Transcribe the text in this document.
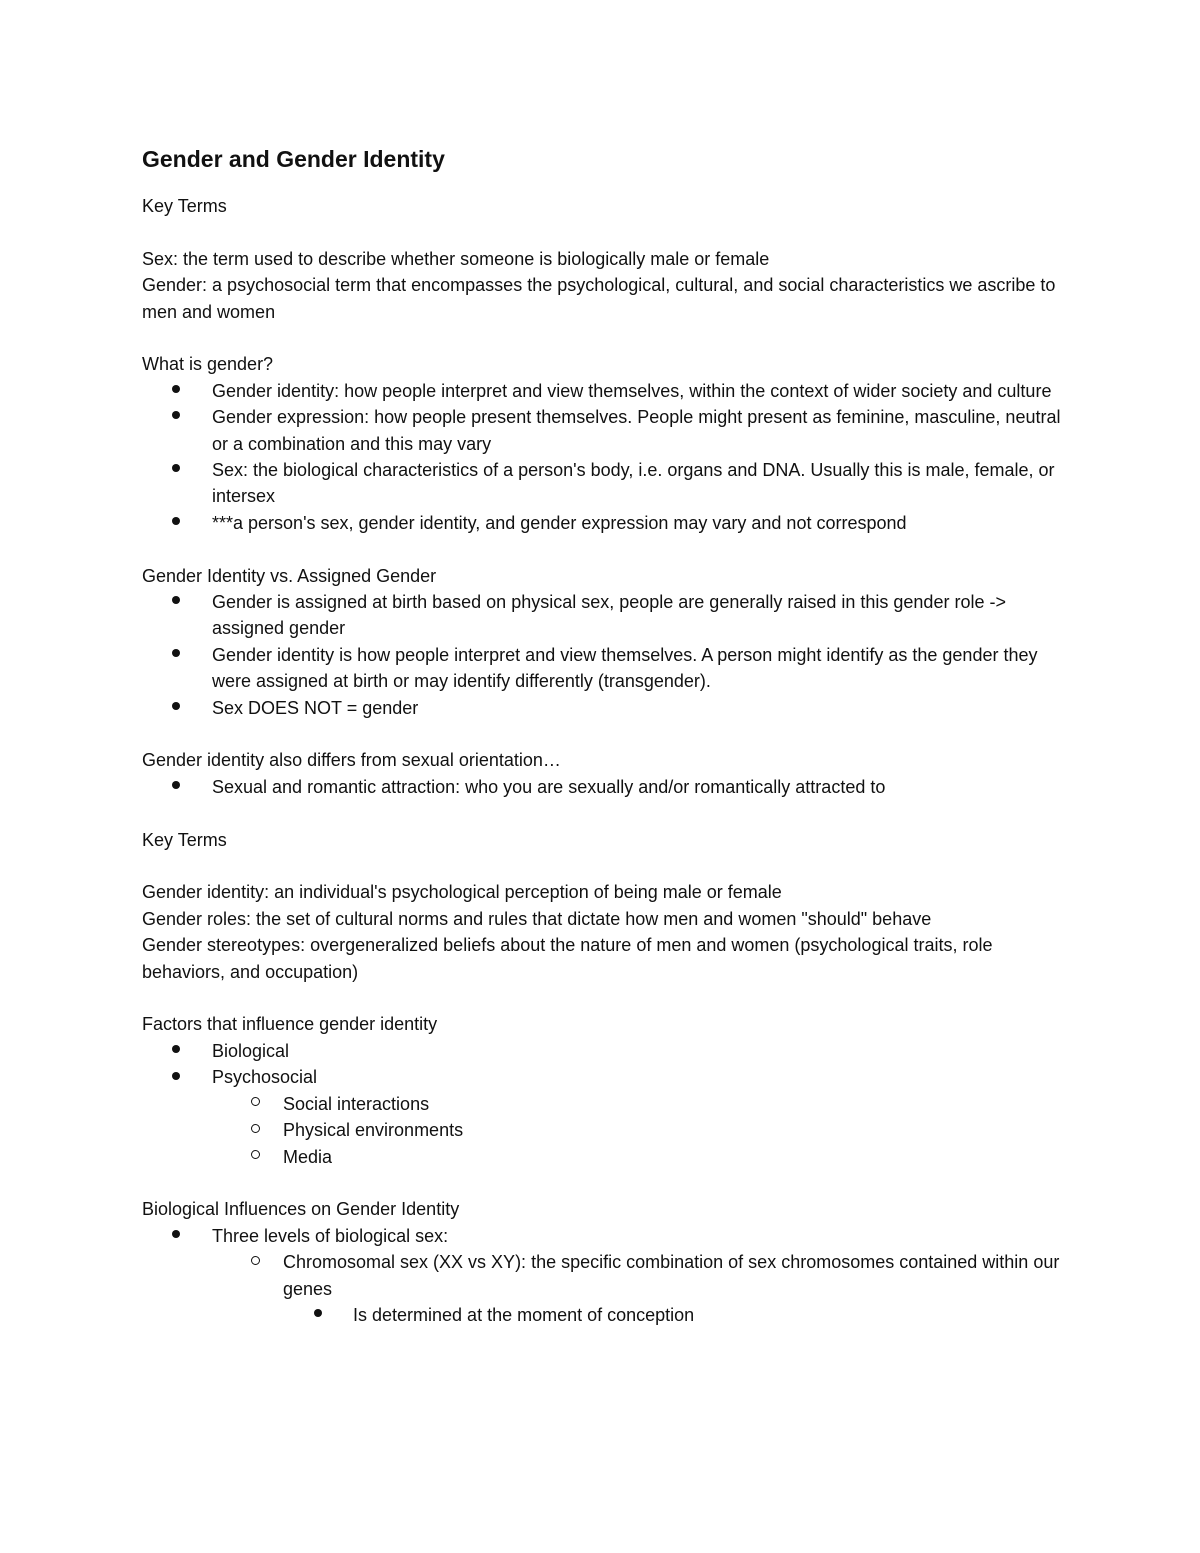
Gender and Gender Identity
Key Terms
Sex: the term used to describe whether someone is biologically male or female
Gender: a psychosocial term that encompasses the psychological, cultural, and social characteristics we ascribe to men and women
What is gender?
Gender identity: how people interpret and view themselves, within the context of wider society and culture
Gender expression: how people present themselves. People might present as feminine, masculine, neutral or a combination and this may vary
Sex: the biological characteristics of a person's body, i.e. organs and DNA. Usually this is male, female, or intersex
***a person's sex, gender identity, and gender expression may vary and not correspond
Gender Identity vs. Assigned Gender
Gender is assigned at birth based on physical sex, people are generally raised in this gender role -> assigned gender
Gender identity is how people interpret and view themselves. A person might identify as the gender they were assigned at birth or may identify differently (transgender).
Sex DOES NOT = gender
Gender identity also differs from sexual orientation…
Sexual and romantic attraction: who you are sexually and/or romantically attracted to
Key Terms
Gender identity: an individual's psychological perception of being male or female
Gender roles: the set of cultural norms and rules that dictate how men and women "should" behave
Gender stereotypes: overgeneralized beliefs about the nature of men and women (psychological traits, role behaviors, and occupation)
Factors that influence gender identity
Biological
Psychosocial
Social interactions
Physical environments
Media
Biological Influences on Gender Identity
Three levels of biological sex:
Chromosomal sex (XX vs XY): the specific combination of sex chromosomes contained within our genes
Is determined at the moment of conception
